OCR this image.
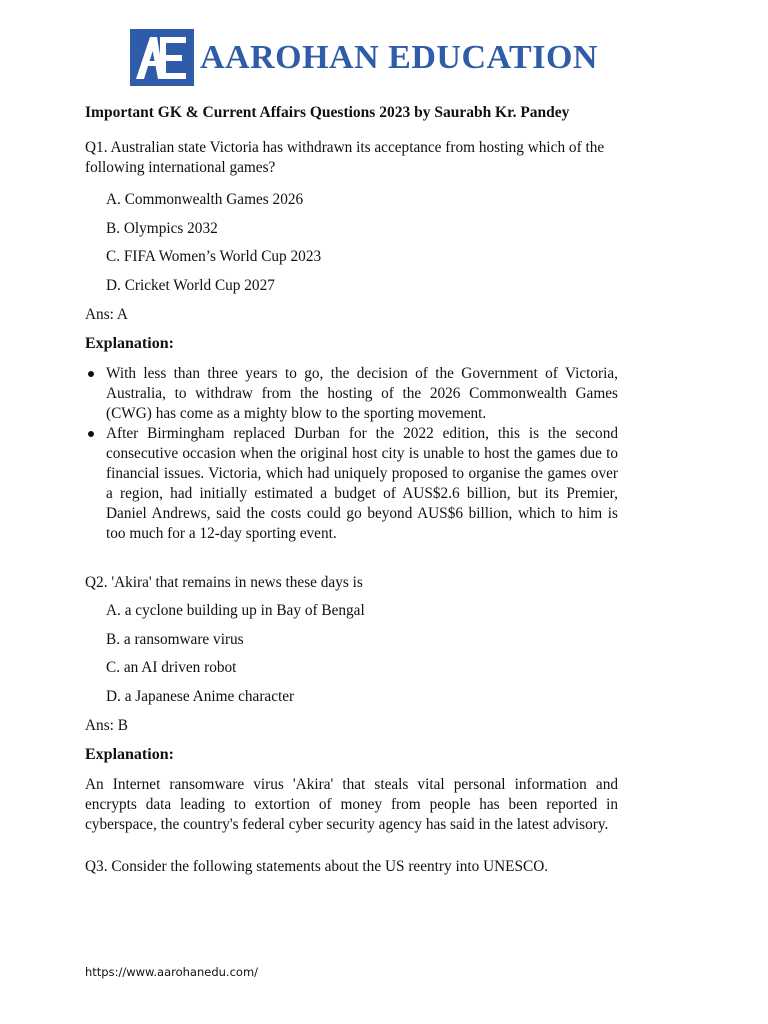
AAROHAN EDUCATION
Important GK & Current Affairs Questions 2023 by Saurabh Kr. Pandey

Q1. Australian state Victoria has withdrawn its acceptance from hosting which of the following international games?

A. Commonwealth Games 2026
B. Olympics 2032
C. FIFA Women’s World Cup 2023
D. Cricket World Cup 2027

Ans: A

Explanation:

With less than three years to go, the decision of the Government of Victoria, Australia, to withdraw from the hosting of the 2026 Commonwealth Games (CWG) has come as a mighty blow to the sporting movement.
After Birmingham replaced Durban for the 2022 edition, this is the second consecutive occasion when the original host city is unable to host the games due to financial issues. Victoria, which had uniquely proposed to organise the games over a region, had initially estimated a budget of AUS$2.6 billion, but its Premier, Daniel Andrews, said the costs could go beyond AUS$6 billion, which to him is too much for a 12-day sporting event.

Q2. 'Akira' that remains in news these days is

A. a cyclone building up in Bay of Bengal
B. a ransomware virus
C. an AI driven robot
D. a Japanese Anime character

Ans: B

Explanation:

An Internet ransomware virus 'Akira' that steals vital personal information and encrypts data leading to extortion of money from people has been reported in cyberspace, the country's federal cyber security agency has said in the latest advisory.

Q3. Consider the following statements about the US reentry into UNESCO.

https://www.aarohanedu.com/
